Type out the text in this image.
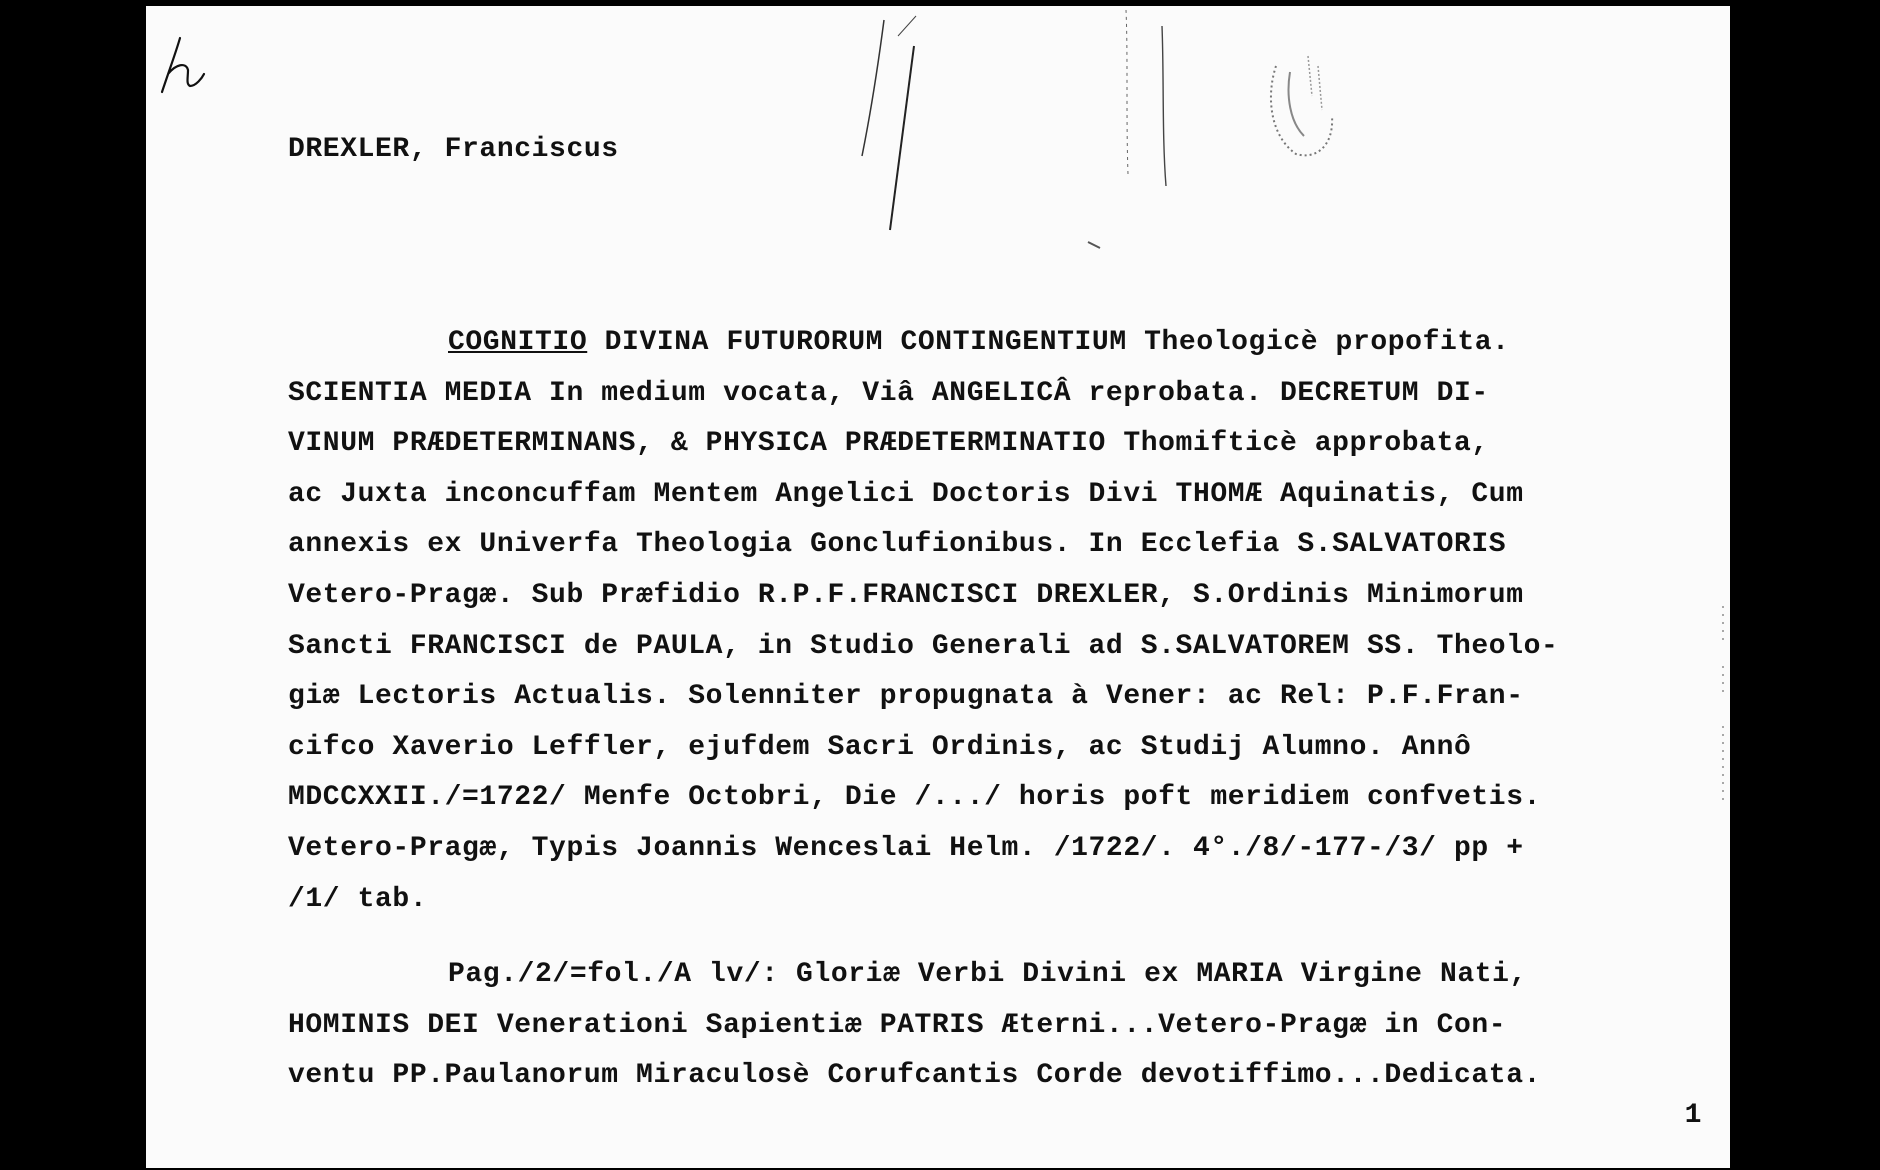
DREXLER, Franciscus
COGNITIO DIVINA FUTURORUM CONTINGENTIUM Theologicè propofita.
SCIENTIA MEDIA In medium vocata, Viâ ANGELICÂ reprobata. DECRETUM DI-
VINUM PRÆDETERMINANS, & PHYSICA PRÆDETERMINATIO Thomifticè approbata,
ac Juxta inconcuffam Mentem Angelici Doctoris Divi THOMÆ Aquinatis, Cum
annexis ex Univerfa Theologia Gonclufionibus. In Ecclefia S.SALVATORIS
Vetero-Pragæ. Sub Præfidio R.P.F.FRANCISCI DREXLER, S.Ordinis Minimorum
Sancti FRANCISCI de PAULA, in Studio Generali ad S.SALVATOREM SS. Theolo-
giæ Lectoris Actualis. Solenniter propugnata à Vener: ac Rel: P.F.Fran-
cifco Xaverio Leffler, ejufdem Sacri Ordinis, ac Studij Alumno. Annô
MDCCXXII./=1722/ Menfe Octobri, Die /.../ horis poft meridiem confvetis.
Vetero-Pragæ, Typis Joannis Wenceslai Helm. /1722/. 4°./8/-177-/3/ pp +
/1/ tab.
Pag./2/=fol./A lv/: Gloriæ Verbi Divini ex MARIA Virgine Nati,
HOMINIS DEI Venerationi Sapientiæ PATRIS Æterni...Vetero-Pragæ in Con-
ventu PP.Paulanorum Miraculosè Corufcantis Corde devotiffimo...Dedicata.
1
